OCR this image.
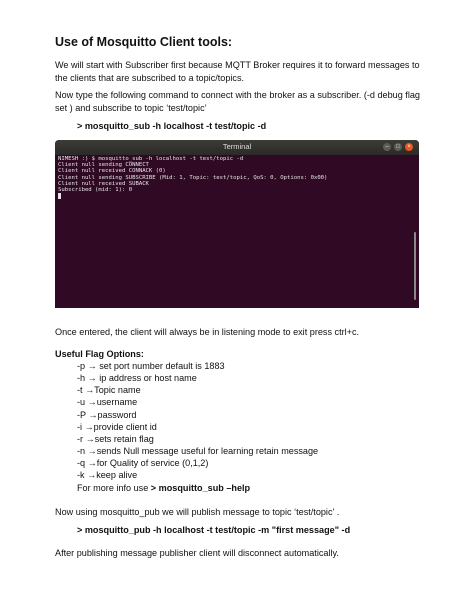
Use of Mosquitto Client tools:
We will start with Subscriber first because MQTT Broker requires it to forward messages to the clients that are subscribed to a topic/topics.
Now type the following command to connect with the broker as a subscriber. (-d debug flag set ) and subscribe to topic ‘test/topic’
> mosquitto_sub -h localhost -t test/topic -d
Terminal	–	□	×
NIMESH :) $ mosquitto_sub -h localhost -t test/topic -d
Client null sending CONNECT
Client null received CONNACK (0)
Client null sending SUBSCRIBE (Mid: 1, Topic: test/topic, QoS: 0, Options: 0x00)
Client null received SUBACK
Subscribed (mid: 1): 0
Once entered, the client will always be in listening mode to exit press ctrl+c.
Useful Flag Options:
-p → set port number default is 1883
-h → ip address or host name
-t →Topic name
-u →username
-P →password
-i →provide client id
-r →sets retain flag
-n →sends Null message useful for learning retain message
-q →for Quality of service (0,1,2)
-k →keep alive
For more info use > mosquitto_sub –help
Now using mosquitto_pub we will publish message to topic ‘test/topic’ .
> mosquitto_pub -h localhost -t test/topic -m "first message" -d
After publishing message publisher client will disconnect automatically.
